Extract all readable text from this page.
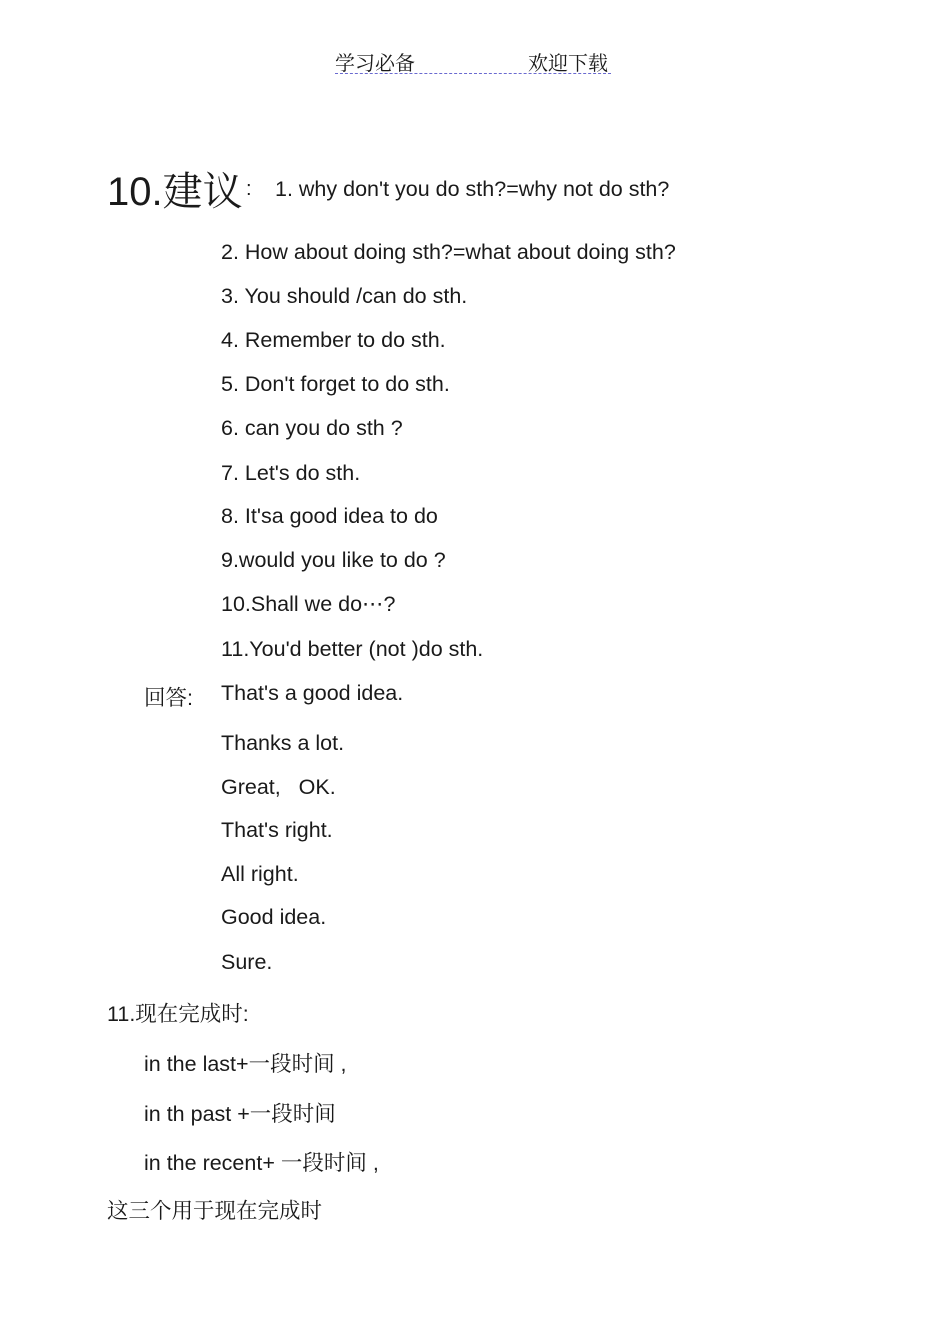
学习必备	欢迎下载
10.建议 : 1. why don't you do sth?=why not do sth?
2. How about doing sth?=what about doing sth?
3. You should /can do sth.
4. Remember to do sth.
5. Don't forget to do sth.
6. can you do sth ?
7. Let's do sth.
8. It'sa good idea to do
9.would you like to do ?
10.Shall we do⋯?
11.You'd better (not )do sth.
回答: That's a good idea.
Thanks a lot.
Great,   OK.
That's right.
All right.
Good idea.
Sure.
11.现在完成时:
in the last+一段时间 ,
in th past +一段时间
in the recent+ 一段时间 ,
这三个用于现在完成时
